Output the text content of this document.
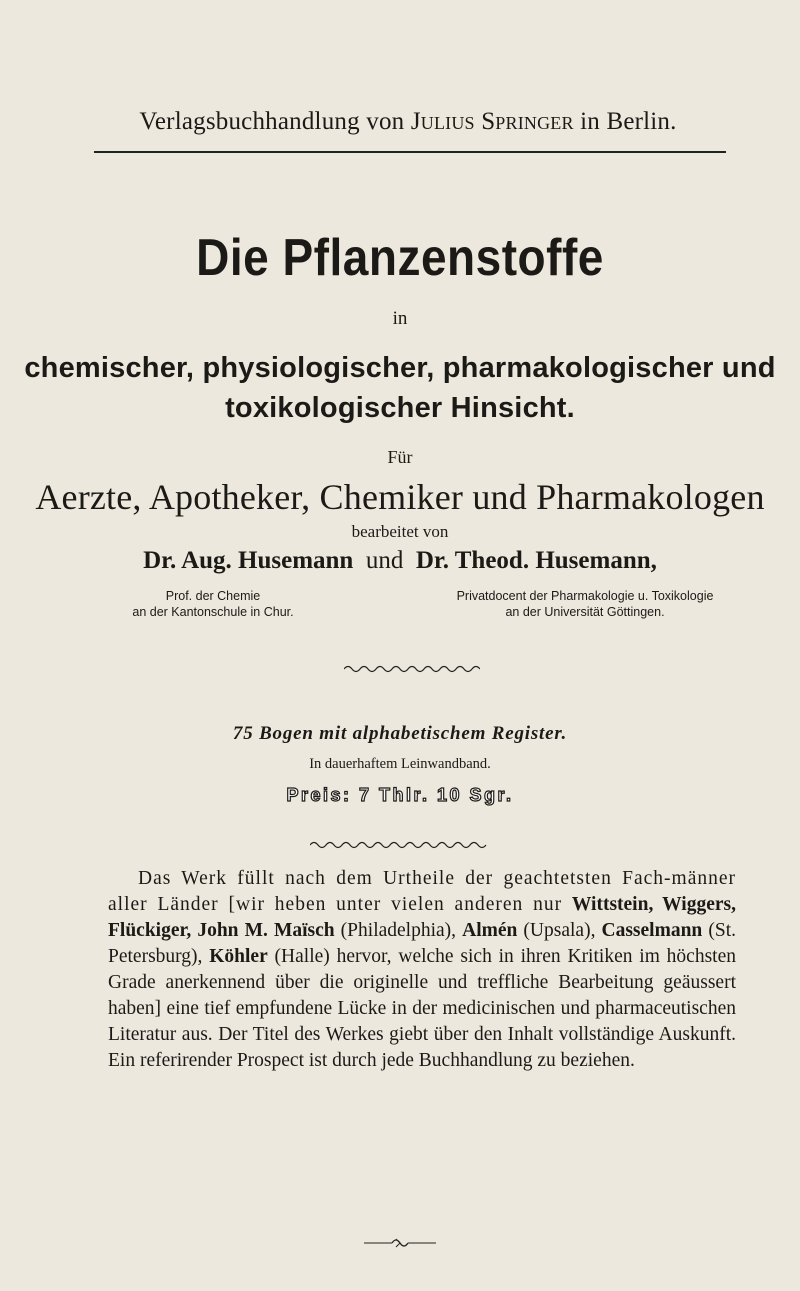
Verlagsbuchhandlung von Julius Springer in Berlin.
Die Pflanzenstoffe
in
chemischer, physiologischer, pharmakologischer und
toxikologischer Hinsicht.
Für
Aerzte, Apotheker, Chemiker und Pharmakologen
bearbeitet von
Dr. Aug. Husemann und Dr. Theod. Husemann,
Prof. der Chemie
an der Kantonschule in Chur.
Privatdocent der Pharmakologie u. Toxikologie
an der Universität Göttingen.
75 Bogen mit alphabetischem Register.
In dauerhaftem Leinwandband.
Preis: 7 Thlr. 10 Sgr.
Das Werk füllt nach dem Urtheile der geachtetsten Fach-männer aller Länder [wir heben unter vielen anderen nur Wittstein, Wiggers, Flückiger, John M. Maïsch (Philadelphia), Almén (Upsala), Casselmann (St. Petersburg), Köhler (Halle) hervor, welche sich in ihren Kritiken im höchsten Grade anerkennend über die originelle und treffliche Bearbeitung geäussert haben] eine tief empfundene Lücke in der medicinischen und pharmaceutischen Literatur aus. Der Titel des Werkes giebt über den Inhalt vollständige Auskunft. Ein referirender Prospect ist durch jede Buchhandlung zu beziehen.
